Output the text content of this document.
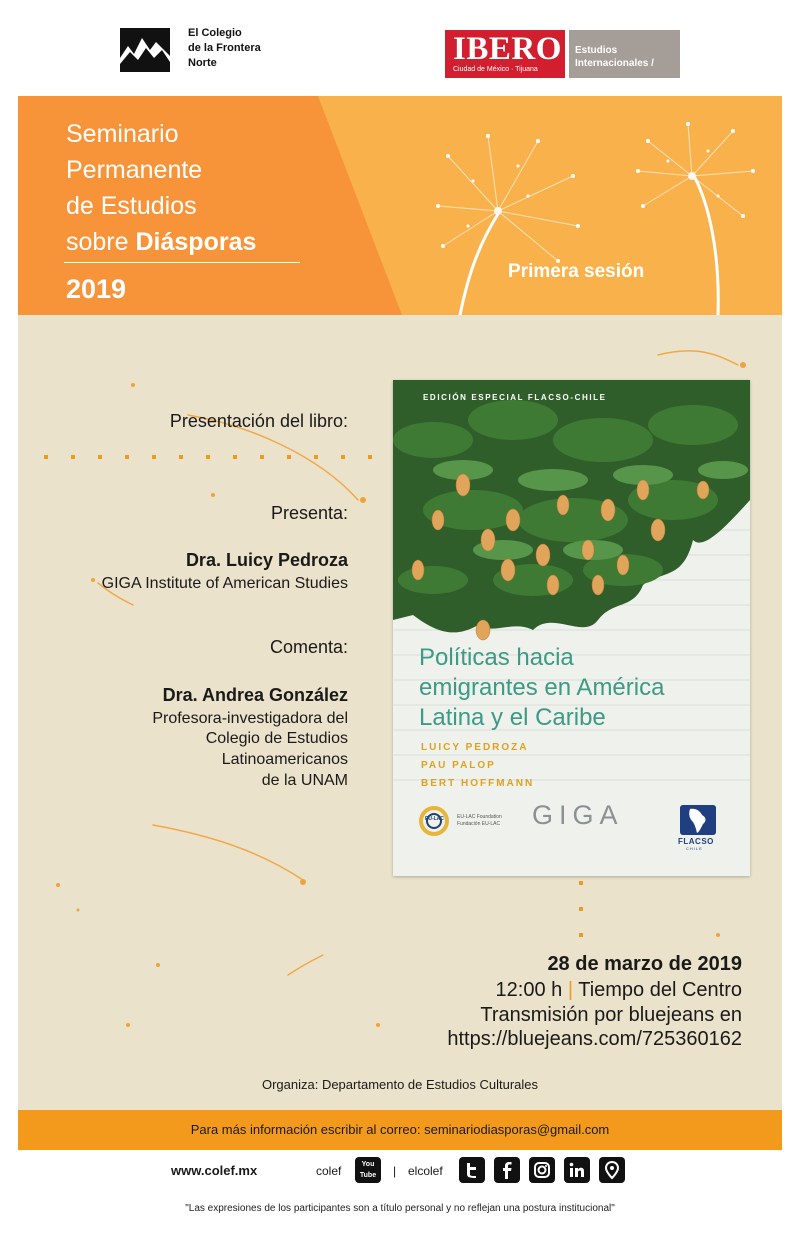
El Colegio
de la Frontera
Norte	IBERO
Ciudad de México · Tijuana
Estudios
Internacionales /
Seminario
Permanente
de Estudios
sobre Diásporas
2019
Primera sesión
Presentación del libro:
Presenta:
Dra. Luicy Pedroza
GIGA Institute of American Studies
Comenta:
Dra. Andrea González
Profesora-investigadora del
Colegio de Estudios
Latinoamericanos
de la UNAM
EDICIÓN ESPECIAL FLACSO-CHILE
Políticas hacia
emigrantes en América
Latina y el Caribe
LUICY PEDROZA
PAU PALOP
BERT HOFFMANN
EU-LAC	EU-LAC Foundation
Fundación EU-LAC GIGA
FLACSO
CHILE
28 de marzo de 2019
12:00 h | Tiempo del Centro
Transmisión por bluejeans en
https://bluejeans.com/725360162
Organiza: Departamento de Estudios Culturales
Para más información escribir al correo: seminariodiasporas@gmail.com
www.colef.mx	colef	You
Tube	| elcolef
"Las expresiones de los participantes son a título personal y no reflejan una postura institucional"
